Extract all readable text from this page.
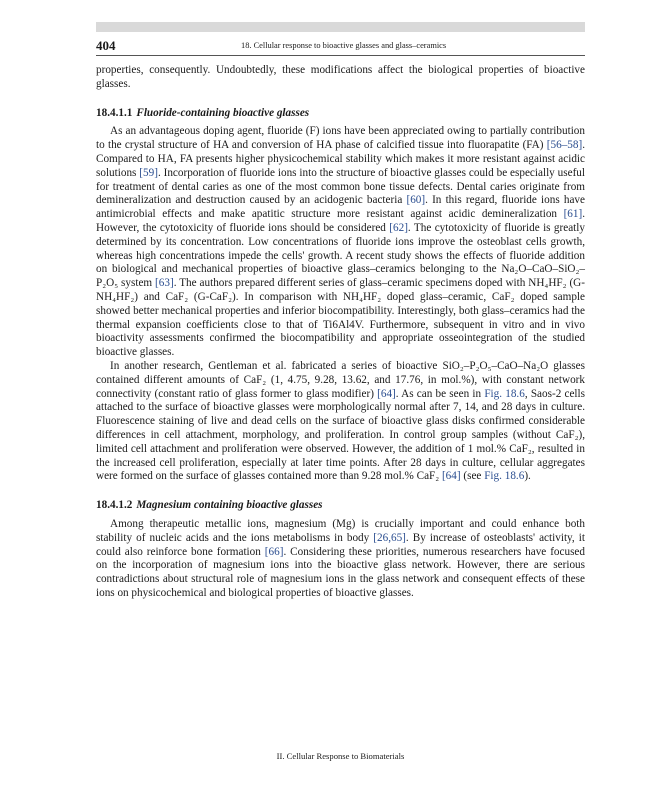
404	18. Cellular response to bioactive glasses and glass–ceramics

properties, consequently. Undoubtedly, these modifications affect the biological properties of bioactive glasses.

18.4.1.1 Fluoride-containing bioactive glasses

As an advantageous doping agent, fluoride (F) ions have been appreciated owing to partially contribution to the crystal structure of HA and conversion of HA phase of calcified tissue into fluorapatite (FA) [56–58]. Compared to HA, FA presents higher physicochemical stability which makes it more resistant against acidic solutions [59]. Incorporation of fluoride ions into the structure of bioactive glasses could be especially useful for treatment of dental caries as one of the most common bone tissue defects. Dental caries originate from demineralization and destruction caused by an acidogenic bacteria [60]. In this regard, fluoride ions have antimicrobial effects and make apatitic structure more resistant against acidic demineralization [61]. However, the cytotoxicity of fluoride ions should be considered [62]. The cytotoxicity of fluoride is greatly determined by its concentration. Low concentrations of fluoride ions improve the osteoblast cells growth, whereas high concentrations impede the cells' growth. A recent study shows the effects of fluoride addition on biological and mechanical properties of bioactive glass–ceramics belonging to the Na₂O–CaO–SiO₂–P₂O₅ system [63]. The authors prepared different series of glass–ceramic specimens doped with NH₄HF₂ (G-NH₄HF₂) and CaF₂ (G-CaF₂). In comparison with NH₄HF₂ doped glass–ceramic, CaF₂ doped sample showed better mechanical properties and inferior biocompatibility. Interestingly, both glass–ceramics had the thermal expansion coefficients close to that of Ti6Al4V. Furthermore, subsequent in vitro and in vivo bioactivity assessments confirmed the biocompatibility and appropriate osseointegration of the studied bioactive glasses.

In another research, Gentleman et al. fabricated a series of bioactive SiO₂–P₂O₅–CaO–Na₂O glasses contained different amounts of CaF₂ (1, 4.75, 9.28, 13.62, and 17.76, in mol.%), with constant network connectivity (constant ratio of glass former to glass modifier) [64]. As can be seen in Fig. 18.6, Saos-2 cells attached to the surface of bioactive glasses were morphologically normal after 7, 14, and 28 days in culture. Fluorescence staining of live and dead cells on the surface of bioactive glass disks confirmed considerable differences in cell attachment, morphology, and proliferation. In control group samples (without CaF₂), limited cell attachment and proliferation were observed. However, the addition of 1 mol.% CaF₂, resulted in the increased cell proliferation, especially at later time points. After 28 days in culture, cellular aggregates were formed on the surface of glasses contained more than 9.28 mol.% CaF₂ [64] (see Fig. 18.6).

18.4.1.2 Magnesium containing bioactive glasses

Among therapeutic metallic ions, magnesium (Mg) is crucially important and could enhance both stability of nucleic acids and the ions metabolisms in body [26,65]. By increase of osteoblasts' activity, it could also reinforce bone formation [66]. Considering these priorities, numerous researchers have focused on the incorporation of magnesium ions into the bioactive glass network. However, there are serious contradictions about structural role of magnesium ions in the glass network and consequent effects of these ions on physicochemical and biological properties of bioactive glasses.

II. Cellular Response to Biomaterials
